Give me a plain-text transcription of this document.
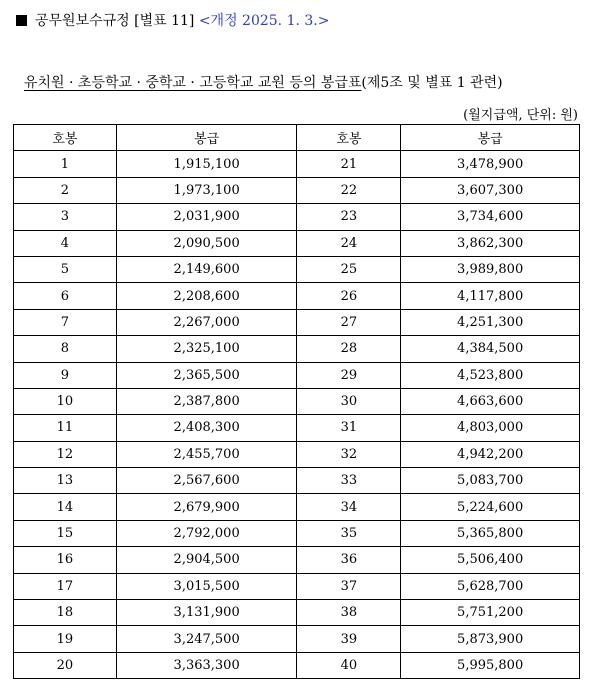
공무원보수규정 [별표 11] <개정 2025. 1. 3.>
유치원 · 초등학교 · 중학교 · 고등학교 교원 등의 봉급표(제5조 및 별표 1 관련)
(월지급액, 단위: 원)
호봉	봉급	호봉	봉급
1	1,915,100	21	3,478,900
2	1,973,100	22	3,607,300
3	2,031,900	23	3,734,600
4	2,090,500	24	3,862,300
5	2,149,600	25	3,989,800
6	2,208,600	26	4,117,800
7	2,267,000	27	4,251,300
8	2,325,100	28	4,384,500
9	2,365,500	29	4,523,800
10	2,387,800	30	4,663,600
11	2,408,300	31	4,803,000
12	2,455,700	32	4,942,200
13	2,567,600	33	5,083,700
14	2,679,900	34	5,224,600
15	2,792,000	35	5,365,800
16	2,904,500	36	5,506,400
17	3,015,500	37	5,628,700
18	3,131,900	38	5,751,200
19	3,247,500	39	5,873,900
20	3,363,300	40	5,995,800
